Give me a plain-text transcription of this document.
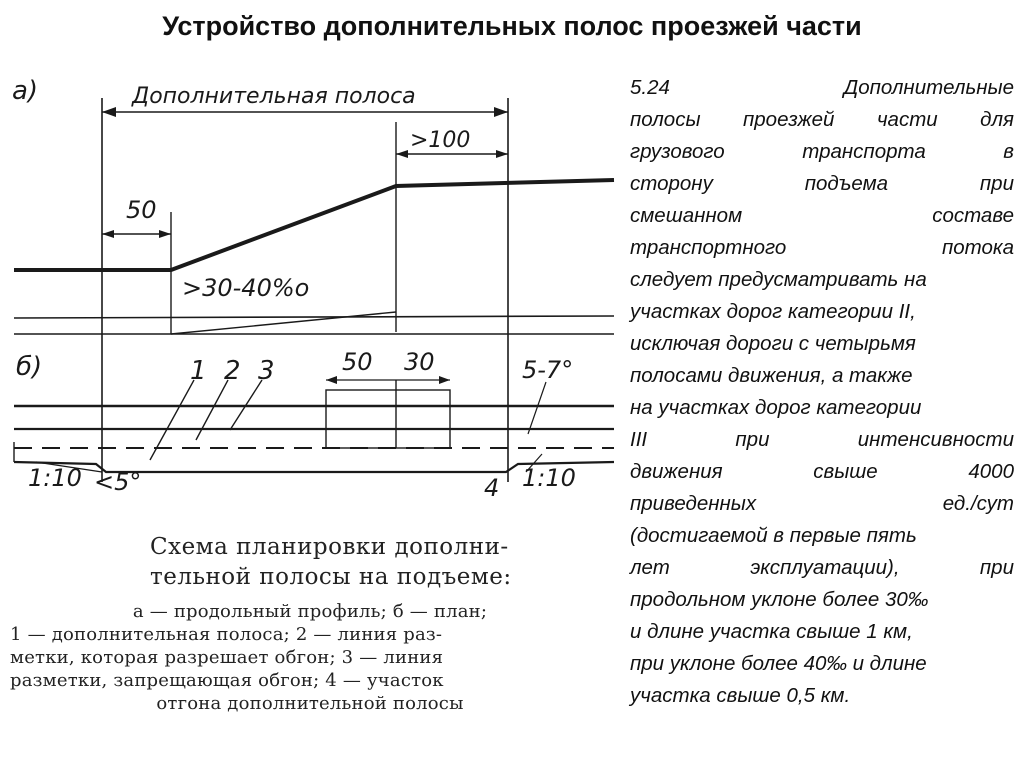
Устройство дополнительных полос проезжей части
а)	Дополнительная полоса
>100
50
>30-40%o
б)	1 2 3	50 30	5-7°
1:10 <5°	4 1:10
Схема планировки дополни-
тельной полосы на подъеме:
а — продольный профиль; б — план;
1 — дополнительная полоса; 2 — линия раз-
метки, которая разрешает обгон; 3 — линия
разметки, запрещающая обгон; 4 — участок
отгона дополнительной полосы
5.24	Дополнительные
полосы проезжей части для
грузового	транспорта	в
сторону	подъема	при
смешанном	составе
транспортного	потока
следует предусматривать на
участках дорог категории II,
исключая дороги с четырьмя
полосами движения, а также
на участках дорог категории
III	при	интенсивности
движения	свыше	4000
приведенных	ед./сут
(достигаемой в первые пять
лет	эксплуатации),	при
продольном уклоне более 30‰
и длине участка свыше 1 км,
при уклоне более 40‰ и длине
участка свыше 0,5 км.
